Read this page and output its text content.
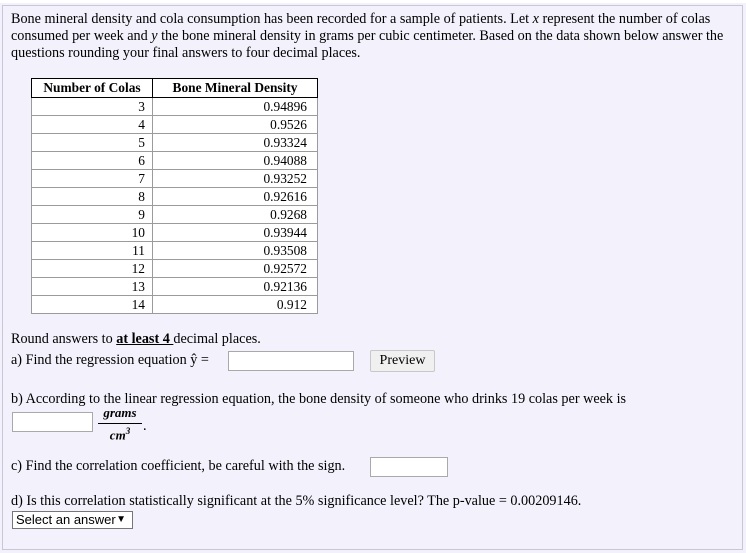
Bone mineral density and cola consumption has been recorded for a sample of patients. Let x represent the number of colas consumed per week and y the bone mineral density in grams per cubic centimeter. Based on the data shown below answer the questions rounding your final answers to four decimal places.
Number of Colas	Bone Mineral Density
3	0.94896
4	0.9526
5	0.93324
6	0.94088
7	0.93252
8	0.92616
9	0.9268
10	0.93944
11	0.93508
12	0.92572
13	0.92136
14	0.912
Round answers to at least 4 decimal places.
a) Find the regression equation ŷ =	Preview
b) According to the linear regression equation, the bone density of someone who drinks 19 colas per week is
grams
$cm^3$ .
c) Find the correlation coefficient, be careful with the sign.
d) Is this correlation statistically significant at the 5% significance level? The p-value = 0.00209146.
Select an answer ▼
